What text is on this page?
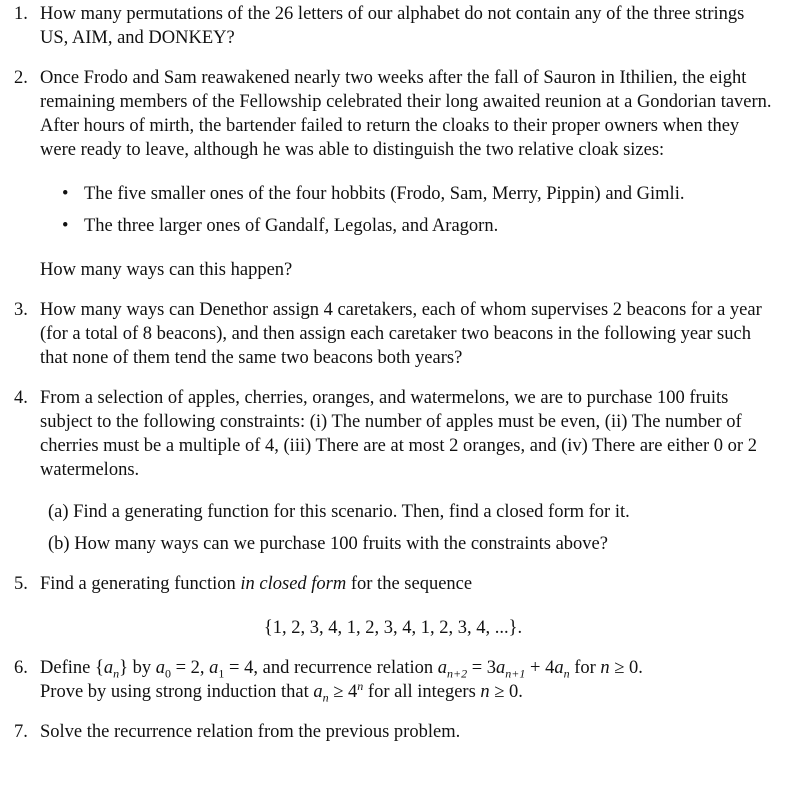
1. How many permutations of the 26 letters of our alphabet do not contain any of the three strings US, AIM, and DONKEY?
2. Once Frodo and Sam reawakened nearly two weeks after the fall of Sauron in Ithilien, the eight remaining members of the Fellowship celebrated their long awaited reunion at a Gondorian tavern. After hours of mirth, the bartender failed to return the cloaks to their proper owners when they were ready to leave, although he was able to distinguish the two relative cloak sizes:
• The five smaller ones of the four hobbits (Frodo, Sam, Merry, Pippin) and Gimli.
• The three larger ones of Gandalf, Legolas, and Aragorn.
How many ways can this happen?
3. How many ways can Denethor assign 4 caretakers, each of whom supervises 2 beacons for a year (for a total of 8 beacons), and then assign each caretaker two beacons in the following year such that none of them tend the same two beacons both years?
4. From a selection of apples, cherries, oranges, and watermelons, we are to purchase 100 fruits subject to the following constraints: (i) The number of apples must be even, (ii) The number of cherries must be a multiple of 4, (iii) There are at most 2 oranges, and (iv) There are either 0 or 2 watermelons.
(a) Find a generating function for this scenario. Then, find a closed form for it.
(b) How many ways can we purchase 100 fruits with the constraints above?
5. Find a generating function in closed form for the sequence
{1, 2, 3, 4, 1, 2, 3, 4, 1, 2, 3, 4, ...}.
6. Define $\{a_n\}$ by $a_0 = 2$, $a_1 = 4$, and recurrence relation $a_{n+2} = 3a_{n+1} + 4a_n$ for n ≥ 0.
Prove by using strong induction that $a_n \ge 4^n$ for all integers n ≥ 0.
7. Solve the recurrence relation from the previous problem.
